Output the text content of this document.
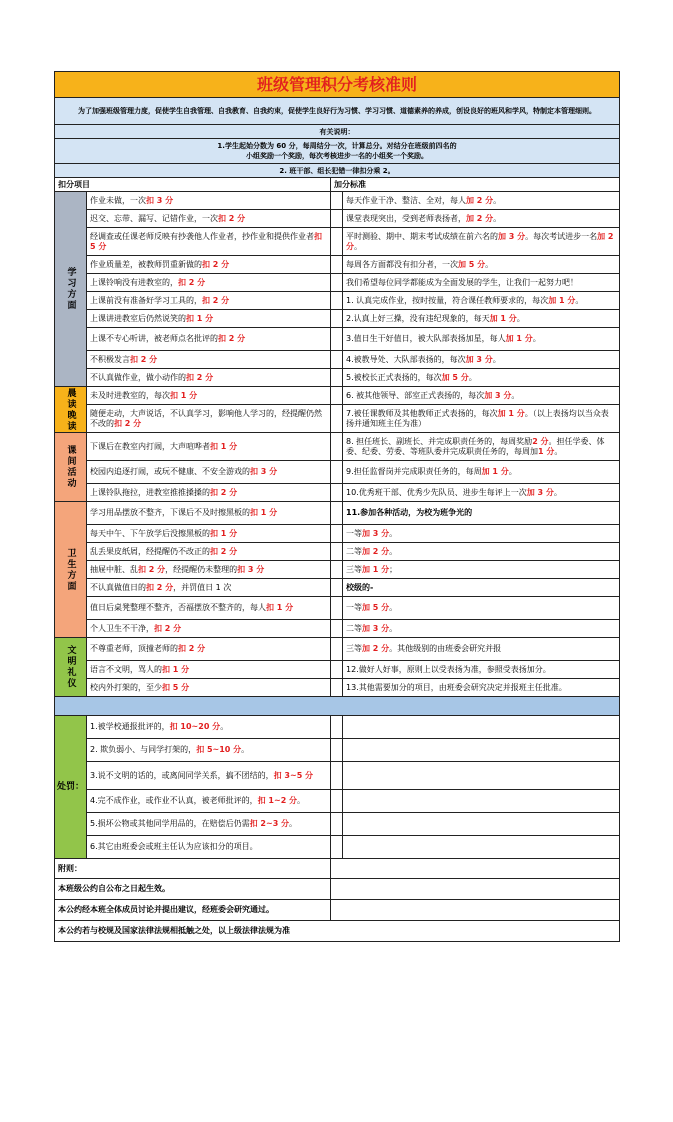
班级管理积分考核准则			
为了加强班级管理力度，促使学生自我管理、自我教育、自我约束，促使学生良好行为习惯、学习习惯、道德素养的养成，创设良好的班风和学风，特制定本管理细则。			
有关说明：			

1.学生起始分数为 60 分，每周结分一次，计算总分。对结分在班级前四名的
小组奖励一个奖励，每次考核进步一名的小组奖一个奖励。			

2. 班干部、组长犯错一律扣分乘 2。			
扣分项目		加分标准	
学习方面	作业未做，一次扣 3 分		每天作业干净、整洁、全对，每人加 2 分。
	迟交、忘带、漏写、记错作业，一次扣 2 分		课堂表现突出，受到老师表扬者，加 2 分。
	经调查或任课老师反映有抄袭他人作业者，抄作业和提供作业者扣 5 分		平时测验、期中、期末考试成绩在前六名的加 3 分。每次考试进步一名加 2 分。
	作业质量差，被教师罚重新做的扣 2 分		每周各方面都没有扣分者，一次加 5 分。
	上课铃响没有进教室的，扣 2 分		我们希望每位同学都能成为全面发展的学生，让我们一起努力吧！
	上课前没有准备好学习工具的，扣 2 分		1. 认真完成作业，按时按量，符合课任教师要求的，每次加 1 分。
	上课讲进教室后仍然说笑的扣 1 分		2.认真上好三操，没有违纪现象的，每天加 1 分。
	上课不专心听讲，被老师点名批评的扣 2 分		3.值日生干好值日，被大队部表扬加星，每人加 1 分。
	不积极发言扣 2 分		4.被教导处、大队部表扬的，每次加 3 分。
	不认真做作业，做小动作的扣 2 分		5.被校长正式表扬的，每次加 5 分。
晨读晚读	未及时进教室的，每次扣 1 分		6. 被其他领导、部室正式表扬的，每次加 3 分。
	随便走动，大声说话，不认真学习，影响他人学习的，经提醒仍然不改的扣 2 分		7.被任课教师及其他教师正式表扬的，每次加 1 分。（以上表扬均以当众表扬并通知班主任为准）
课间活动	下课后在教室内打闹，大声喧哗者扣 1 分		8. 担任班长、副班长、并完成职责任务的，每周奖励2 分。担任学委、体委、纪委、劳委、等班队委并完成职责任务的，每周加1 分。
	校园内追逐打闹，或玩不健康、不安全游戏的扣 3 分		9.担任监督岗并完成职责任务的，每周加 1 分。
	上课铃队拖拉，进教室推推搡搡的扣 2 分		10.优秀班干部、优秀少先队员、进步生每评上一次加 3 分。
卫生方面	学习用品摆放不整齐，下课后不及时擦黑板的扣 1 分		11.参加各种活动，为校为班争光的
	每天中午、下午放学后没擦黑板的扣 1 分		一等加 3 分。
	乱丢果皮纸屑，经提醒仍不改正的扣 2 分		二等加 2 分。
	抽屉中脏、乱扣 2 分，经提醒仍未整理的扣 3 分		三等加 1 分；
	不认真做值日的扣 2 分，并罚值日 1 次		校级的-
	值日后桌凳整理不整齐，否福摆放不整齐的，每人扣 1 分		一等加 5 分。
	个人卫生不干净，扣 2 分		二等加 3 分。
文明礼仪	不尊重老师，顶撞老师的扣 2 分		三等加 2 分。其他级别的由班委会研究并报
	语言不文明，骂人的扣 1 分		12.做好人好事，原则上以受表扬为准，参照受表扬加分。
	校内外打架的，至少扣 5 分		13.其他需要加分的项目，由班委会研究决定并报班主任批准。

处罚：	1.被学校通报批评的，扣 10~20 分。		
	2. 欺负弱小、与同学打架的，扣 5~10 分。		
	3.说不文明的话的，或离间同学关系，搞不团结的，扣 3~5 分		
	4.完不成作业，或作业不认真，被老师批评的，扣 1~2 分。		
	5.损坏公物或其他同学用品的，在赔偿后仍需扣 2~3 分。		
	6.其它由班委会或班主任认为应该扣分的项目。		
附则：			
本班级公约自公布之日起生效。			
本公约经本班全体成员讨论并提出建议，经班委会研究通过。			
本公约若与校规及国家法律法规相抵触之处，以上级法律法规为准			
